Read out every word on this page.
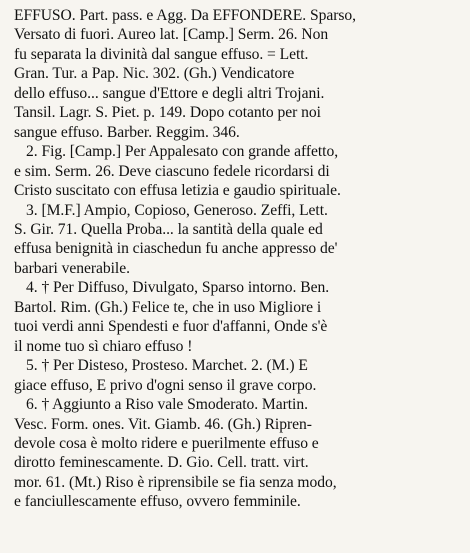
EFFUSO. Part. pass. e Agg. Da EFFONDERE. Sparso,
Versato di fuori. Aureo lat. [Camp.] Serm. 26. Non
fu separata la divinità dal sangue effuso. = Lett.
Gran. Tur. a Pap. Nic. 302. (Gh.) Vendicatore
dello effuso... sangue d'Ettore e degli altri Trojani.
Tansil. Lagr. S. Piet. p. 149. Dopo cotanto per noi
sangue effuso. Barber. Reggim. 346.
2. Fig. [Camp.] Per Appalesato con grande affetto,
e sim. Serm. 26. Deve ciascuno fedele ricordarsi di
Cristo suscitato con effusa letizia e gaudio spirituale.
3. [M.F.] Ampio, Copioso, Generoso. Zeffi, Lett.
S. Gir. 71. Quella Proba... la santità della quale ed
effusa benignità in ciaschedun fu anche appresso de'
barbari venerabile.
4. † Per Diffuso, Divulgato, Sparso intorno. Ben.
Bartol. Rim. (Gh.) Felice te, che in uso Migliore i
tuoi verdi anni Spendesti e fuor d'affanni, Onde s'è
il nome tuo sì chiaro effuso !
5. † Per Disteso, Prosteso. Marchet. 2. (M.) E
giace effuso, E privo d'ogni senso il grave corpo.
6. † Aggiunto a Riso vale Smoderato. Martin.
Vesc. Form. ones. Vit. Giamb. 46. (Gh.) Ripren-
devole cosa è molto ridere e puerilmente effuso e
dirotto feminescamente. D. Gio. Cell. tratt. virt.
mor. 61. (Mt.) Riso è riprensibile se fia senza modo,
e fanciullescamente effuso, ovvero femminile.
